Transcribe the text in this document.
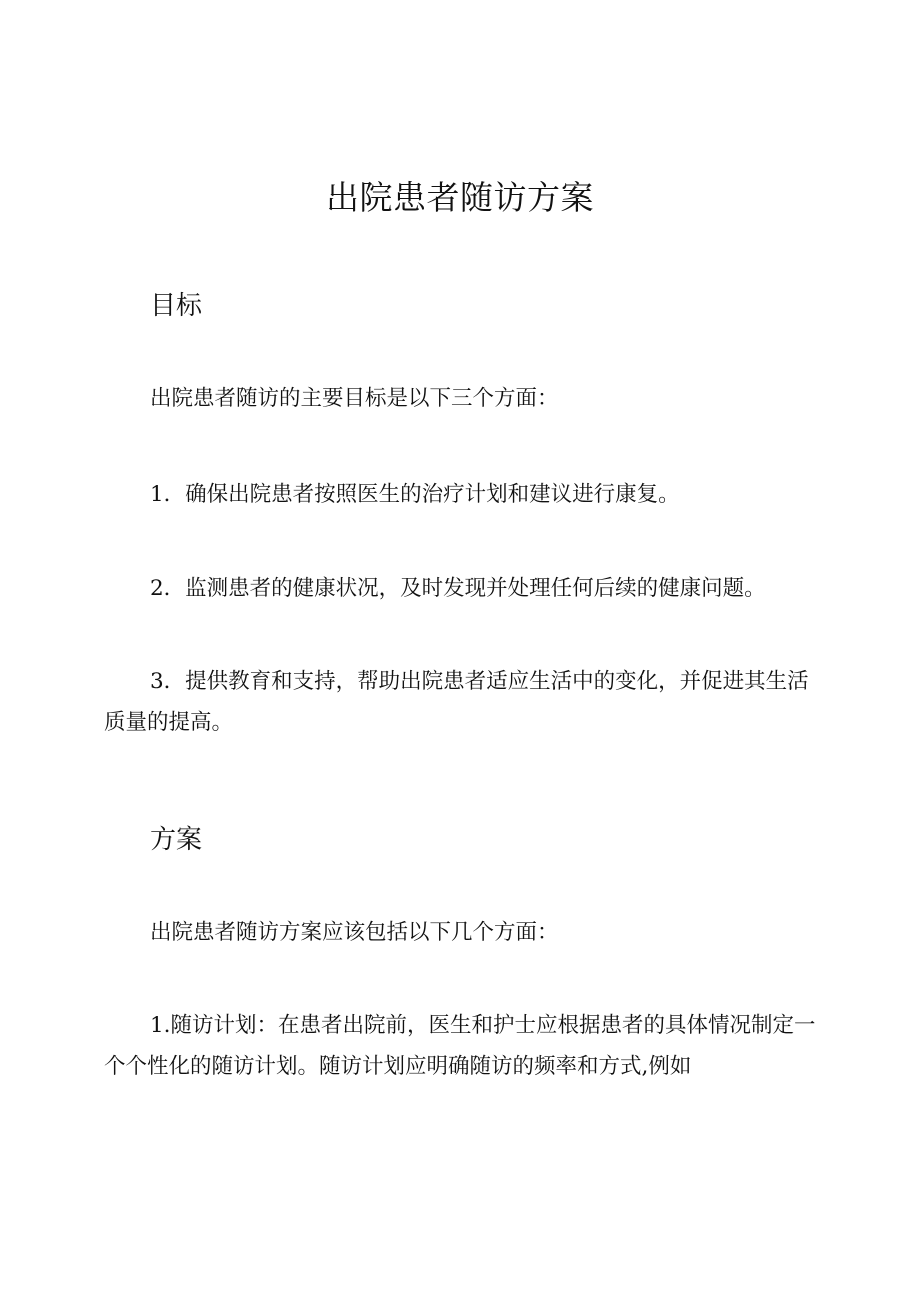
出院患者随访方案
目标

出院患者随访的主要目标是以下三个方面：

1．确保出院患者按照医生的治疗计划和建议进行康复。

2．监测患者的健康状况，及时发现并处理任何后续的健康问题。

3．提供教育和支持，帮助出院患者适应生活中的变化，并促进其生活质量的提高。

方案

出院患者随访方案应该包括以下几个方面：

1.随访计划：在患者出院前，医生和护士应根据患者的具体情况制定一个个性化的随访计划。随访计划应明确随访的频率和方式,例如
